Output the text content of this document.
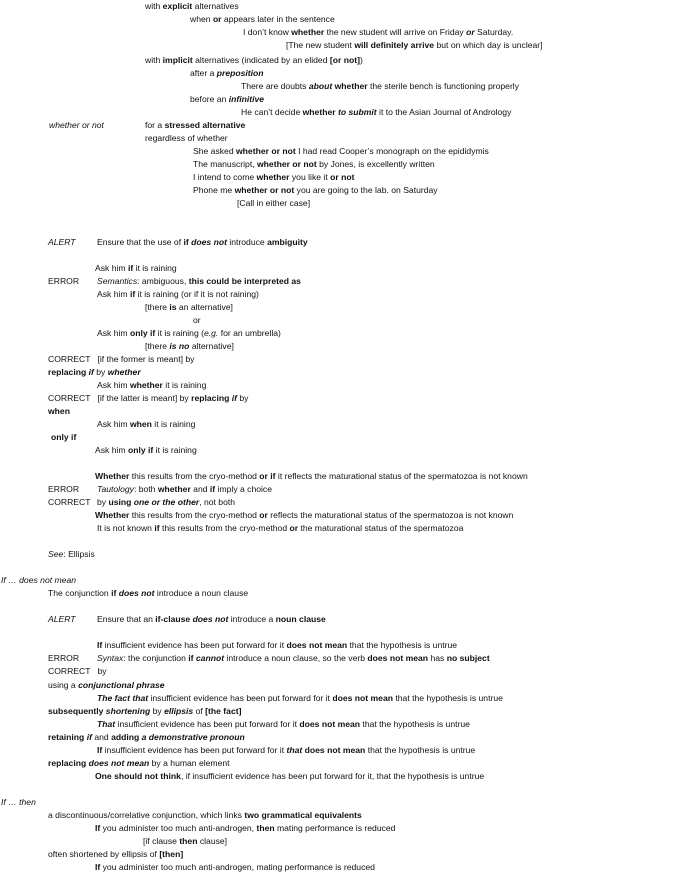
with explicit alternatives
when or appears later in the sentence
I don’t know whether the new student will arrive on Friday or Saturday.
[The new student will definitely arrive but on which day is unclear]
with implicit alternatives (indicated by an elided [or not])
after a preposition
There are doubts about whether the sterile bench is functioning properly
before an infinitive
He can’t decide whether to submit it to the Asian Journal of Andrology
whether or not	for a stressed alternative
regardless of whether
She asked whether or not I had read Cooper’s monograph on the epididymis
The manuscript, whether or not by Jones, is excellently written
I intend to come whether you like it or not
Phone me whether or not you are going to the lab. on Saturday
[Call in either case]
ALERT Ensure that the use of if does not introduce ambiguity
Ask him if it is raining
ERROR Semantics: ambiguous, this could be interpreted as
Ask him if it is raining (or if it is not raining)
[there is an alternative]
or
Ask him only if it is raining (e.g. for an umbrella)
[there is no alternative]
CORRECT   [if the former is meant] by
replacing if by whether
Ask him whether it is raining
CORRECT   [if the latter is meant] by replacing if by
when
Ask him when it is raining
only if
Ask him only if it is raining
Whether this results from the cryo-method or if it reflects the maturational status of the spermatozoa is not known
ERROR Tautology: both whether and if imply a choice
CORRECT by using one or the other, not both
Whether this results from the cryo-method or reflects the maturational status of the spermatozoa is not known
It is not known if this results from the cryo-method or the maturational status of the spermatozoa
See: Ellipsis
If … does not mean
The conjunction if does not introduce a noun clause
ALERT Ensure that an if-clause does not introduce a noun clause
If insufficient evidence has been put forward for it does not mean that the hypothesis is untrue
ERROR Syntax: the conjunction if cannot introduce a noun clause, so the verb does not mean has no subject
CORRECT   by
using a conjunctional phrase
The fact that insufficient evidence has been put forward for it does not mean that the hypothesis is untrue
subsequently shortening by ellipsis of [the fact]
That insufficient evidence has been put forward for it does not mean that the hypothesis is untrue
retaining if and adding a demonstrative pronoun
If insufficient evidence has been put forward for it that does not mean that the hypothesis is untrue
replacing does not mean by a human element
One should not think, if insufficient evidence has been put forward for it, that the hypothesis is untrue
If … then
a discontinuous/correlative conjunction, which links two grammatical equivalents
If you administer too much anti-androgen, then mating performance is reduced
[if clause then clause]
often shortened by ellipsis of [then]
If you administer too much anti-androgen, mating performance is reduced
